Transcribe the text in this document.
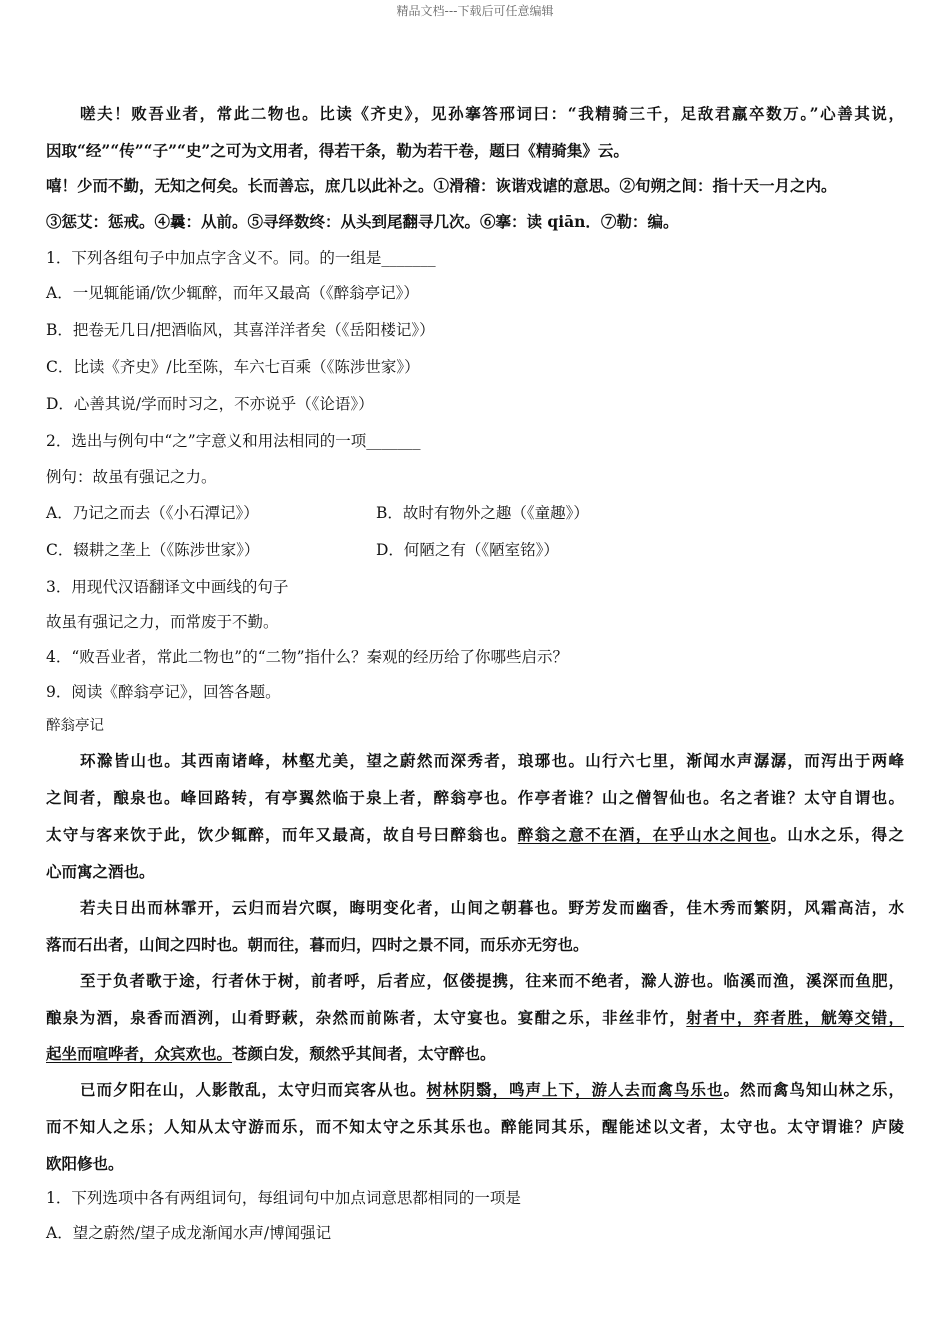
精品文档---下载后可任意编辑
嗟夫！败吾业者，常此二物也。比读《齐史》，见孙搴答邢词曰：“我精骑三千，足敌君羸卒数万。”心善其说，
因取“经”“传”“子”“史”之可为文用者，得若干条，勒为若干卷，题曰《精骑集》云。
嘻！少而不勤，无知之何矣。长而善忘，庶几以此补之。①滑稽：诙谐戏谑的意思。②旬朔之间：指十天一月之内。
③惩艾：惩戒。④曩：从前。⑤寻绎数终：从头到尾翻寻几次。⑥搴：读 qiān．⑦勒：编。
1．下列各组句子中加点字含义不。同。的一组是_______
A．一见辄能诵/饮少辄醉，而年又最高（《醉翁亭记》）
B．把卷无几日/把酒临风，其喜洋洋者矣（《岳阳楼记》）
C．比读《齐史》/比至陈，车六七百乘（《陈涉世家》）
D．心善其说/学而时习之，不亦说乎（《论语》）
2．选出与例句中“之”字意义和用法相同的一项_______
例句：故虽有强记之力。
A．乃记之而去（《小石潭记》）	B．故时有物外之趣（《童趣》）
C．辍耕之垄上（《陈涉世家》）	D．何陋之有（《陋室铭》）
3．用现代汉语翻译文中画线的句子
故虽有强记之力，而常废于不勤。
4．“败吾业者，常此二物也”的“二物”指什么？秦观的经历给了你哪些启示？
9．阅读《醉翁亭记》，回答各题。
醉翁亭记
环滁皆山也。其西南诸峰，林壑尤美，望之蔚然而深秀者，琅琊也。山行六七里，渐闻水声潺潺，而泻出于两峰
之间者，酿泉也。峰回路转，有亭翼然临于泉上者，醉翁亭也。作亭者谁？山之僧智仙也。名之者谁？太守自谓也。
太守与客来饮于此，饮少辄醉，而年又最高，故自号曰醉翁也。醉翁之意不在酒，在乎山水之间也。山水之乐，得之
心而寓之酒也。
若夫日出而林霏开，云归而岩穴暝，晦明变化者，山间之朝暮也。野芳发而幽香，佳木秀而繁阴，风霜高洁，水
落而石出者，山间之四时也。朝而往，暮而归，四时之景不同，而乐亦无穷也。
至于负者歌于途，行者休于树，前者呼，后者应，伛偻提携，往来而不绝者，滁人游也。临溪而渔，溪深而鱼肥，
酿泉为酒，泉香而酒洌，山肴野蔌，杂然而前陈者，太守宴也。宴酣之乐，非丝非竹，射者中，弈者胜，觥筹交错，
起坐而喧哗者，众宾欢也。苍颜白发，颓然乎其间者，太守醉也。
已而夕阳在山，人影散乱，太守归而宾客从也。树林阴翳，鸣声上下，游人去而禽鸟乐也。然而禽鸟知山林之乐，
而不知人之乐；人知从太守游而乐，而不知太守之乐其乐也。醉能同其乐，醒能述以文者，太守也。太守谓谁？庐陵
欧阳修也。
1．下列选项中各有两组词句，每组词句中加点词意思都相同的一项是
A．望之蔚然/望子成龙渐闻水声/博闻强记
